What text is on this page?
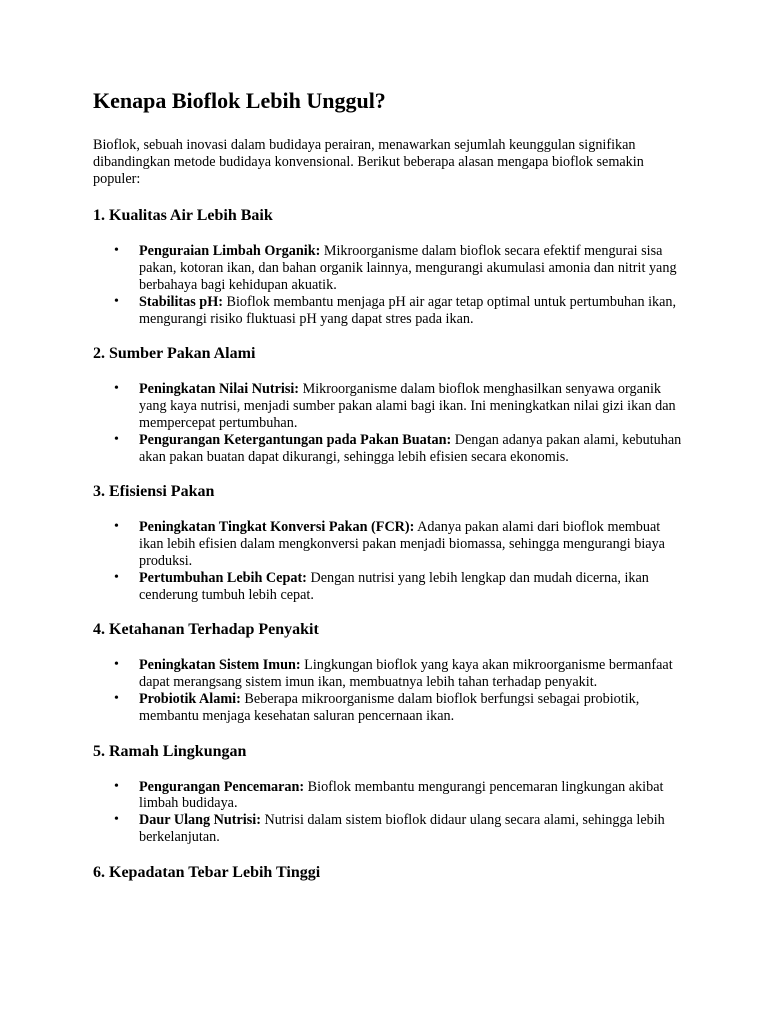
Kenapa Bioflok Lebih Unggul?

Bioflok, sebuah inovasi dalam budidaya perairan, menawarkan sejumlah keunggulan signifikan dibandingkan metode budidaya konvensional. Berikut beberapa alasan mengapa bioflok semakin populer:

1. Kualitas Air Lebih Baik
• Penguraian Limbah Organik: Mikroorganisme dalam bioflok secara efektif mengurai sisa pakan, kotoran ikan, dan bahan organik lainnya, mengurangi akumulasi amonia dan nitrit yang berbahaya bagi kehidupan akuatik.
• Stabilitas pH: Bioflok membantu menjaga pH air agar tetap optimal untuk pertumbuhan ikan, mengurangi risiko fluktuasi pH yang dapat stres pada ikan.
2. Sumber Pakan Alami
• Peningkatan Nilai Nutrisi: Mikroorganisme dalam bioflok menghasilkan senyawa organik yang kaya nutrisi, menjadi sumber pakan alami bagi ikan. Ini meningkatkan nilai gizi ikan dan mempercepat pertumbuhan.
• Pengurangan Ketergantungan pada Pakan Buatan: Dengan adanya pakan alami, kebutuhan akan pakan buatan dapat dikurangi, sehingga lebih efisien secara ekonomis.
3. Efisiensi Pakan
• Peningkatan Tingkat Konversi Pakan (FCR): Adanya pakan alami dari bioflok membuat ikan lebih efisien dalam mengkonversi pakan menjadi biomassa, sehingga mengurangi biaya produksi.
• Pertumbuhan Lebih Cepat: Dengan nutrisi yang lebih lengkap dan mudah dicerna, ikan cenderung tumbuh lebih cepat.
4. Ketahanan Terhadap Penyakit
• Peningkatan Sistem Imun: Lingkungan bioflok yang kaya akan mikroorganisme bermanfaat dapat merangsang sistem imun ikan, membuatnya lebih tahan terhadap penyakit.
• Probiotik Alami: Beberapa mikroorganisme dalam bioflok berfungsi sebagai probiotik, membantu menjaga kesehatan saluran pencernaan ikan.
5. Ramah Lingkungan
• Pengurangan Pencemaran: Bioflok membantu mengurangi pencemaran lingkungan akibat limbah budidaya.
• Daur Ulang Nutrisi: Nutrisi dalam sistem bioflok didaur ulang secara alami, sehingga lebih berkelanjutan.
6. Kepadatan Tebar Lebih Tinggi
